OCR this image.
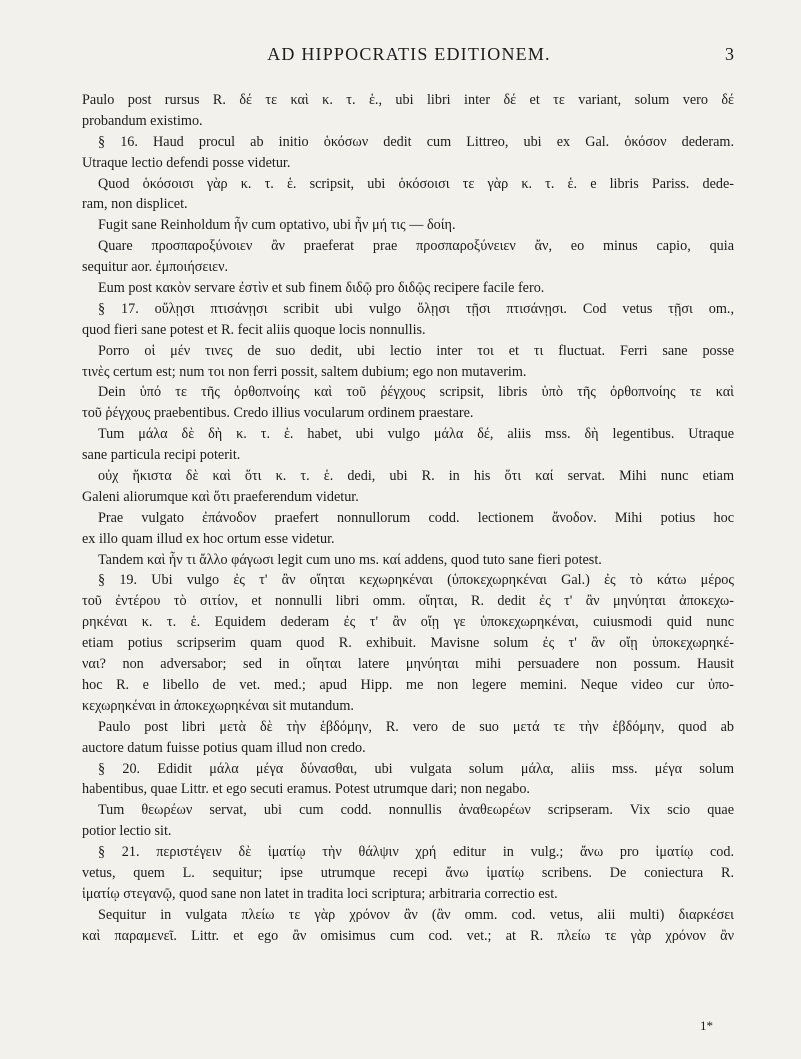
AD HIPPOCRATIS EDITIONEM.	3
Paulo post rursus R. δέ τε καὶ κ. τ. ἑ., ubi libri inter δέ et τε variant, solum vero δέ
probandum existimo.
§ 16. Haud procul ab initio ὁκόσων dedit cum Littreo, ubi ex Gal. ὁκόσον dederam.
Utraque lectio defendi posse videtur.
Quod ὁκόσοισι γὰρ κ. τ. ἑ. scripsit, ubi ὁκόσοισι τε γὰρ κ. τ. ἑ. e libris Pariss. dede-
ram, non displicet.
Fugit sane Reinholdum ἦν cum optativo, ubi ἦν μή τις — δοίη.
Quare προσπαροξύνοιεν ἂν praeferat prae προσπαροξύνειεν ἄν, eo minus capio, quia
sequitur aor. ἐμποιήσειεν.
Eum post κακὸν servare ἐστὶν et sub finem διδῷ pro διδῷς recipere facile fero.
§ 17. οὔλῃσι πτισάνῃσι scribit ubi vulgo ὅλῃσι τῇσι πτισάνῃσι. Cod vetus τῇσι om.,
quod fieri sane potest et R. fecit aliis quoque locis nonnullis.
Porro οἱ μέν τινες de suo dedit, ubi lectio inter τοι et τι fluctuat. Ferri sane posse
τινὲς certum est; num τοι non ferri possit, saltem dubium; ego non mutaverim.
Dein ὑπό τε τῆς ὀρθοπνοίης καὶ τοῦ ῥέγχους scripsit, libris ὑπὸ τῆς ὀρθοπνοίης τε καὶ
τοῦ ῥέγχους praebentibus. Credo illius vocularum ordinem praestare.
Tum μάλα δὲ δὴ κ. τ. ἑ. habet, ubi vulgo μάλα δέ, aliis mss. δὴ legentibus. Utraque
sane particula recipi poterit.
οὐχ ἥκιστα δὲ καὶ ὅτι κ. τ. ἑ. dedi, ubi R. in his ὅτι καί servat. Mihi nunc etiam
Galeni aliorumque καὶ ὅτι praeferendum videtur.
Prae vulgato ἐπάνοδον praefert nonnullorum codd. lectionem ἄνοδον. Mihi potius hoc
ex illo quam illud ex hoc ortum esse videtur.
Tandem καὶ ἦν τι ἄλλο φάγωσι legit cum uno ms. καί addens, quod tuto sane fieri potest.
§ 19. Ubi vulgo ἐς τ' ἂν οἴηται κεχωρηκέναι (ὑποκεχωρηκέναι Gal.) ἐς τὸ κάτω μέρος
τοῦ ἐντέρου τὸ σιτίον, et nonnulli libri omm. οἴηται, R. dedit ἐς τ' ἂν μηνύηται ἀποκεχω-
ρηκέναι κ. τ. ἑ. Equidem dederam ἐς τ' ἂν οἴῃ γε ὑποκεχωρηκέναι, cuiusmodi quid nunc
etiam potius scripserim quam quod R. exhibuit. Mavisne solum ἐς τ' ἂν οἴῃ ὑποκεχωρηκέ-
ναι? non adversabor; sed in οἴηται latere μηνύηται mihi persuadere non possum. Hausit
hoc R. e libello de vet. med.; apud Hipp. me non legere memini. Neque video cur ὑπο-
κεχωρηκέναι in ἀποκεχωρηκέναι sit mutandum.
Paulo post libri μετὰ δὲ τὴν ἑβδόμην, R. vero de suo μετά τε τὴν ἑβδόμην, quod ab
auctore datum fuisse potius quam illud non credo.
§ 20. Edidit μάλα μέγα δύνασθαι, ubi vulgata solum μάλα, aliis mss. μέγα solum
habentibus, quae Littr. et ego secuti eramus. Potest utrumque dari; non negabo.
Tum θεωρέων servat, ubi cum codd. nonnullis ἀναθεωρέων scripseram. Vix scio quae
potior lectio sit.
§ 21. περιστέγειν δὲ ἱματίῳ τὴν θάλψιν χρή editur in vulg.; ἄνω pro ἱματίῳ cod.
vetus, quem L. sequitur; ipse utrumque recepi ἄνω ἱματίῳ scribens. De coniectura R.
ἱματίῳ στεγανῷ, quod sane non latet in tradita loci scriptura; arbitraria correctio est.
Sequitur in vulgata πλείω τε γὰρ χρόνον ἂν (ἂν omm. cod. vetus, alii multi) διαρκέσει
καὶ παραμενεῖ. Littr. et ego ἂν omisimus cum cod. vet.; at R. πλείω τε γὰρ χρόνον ἂν
1*
